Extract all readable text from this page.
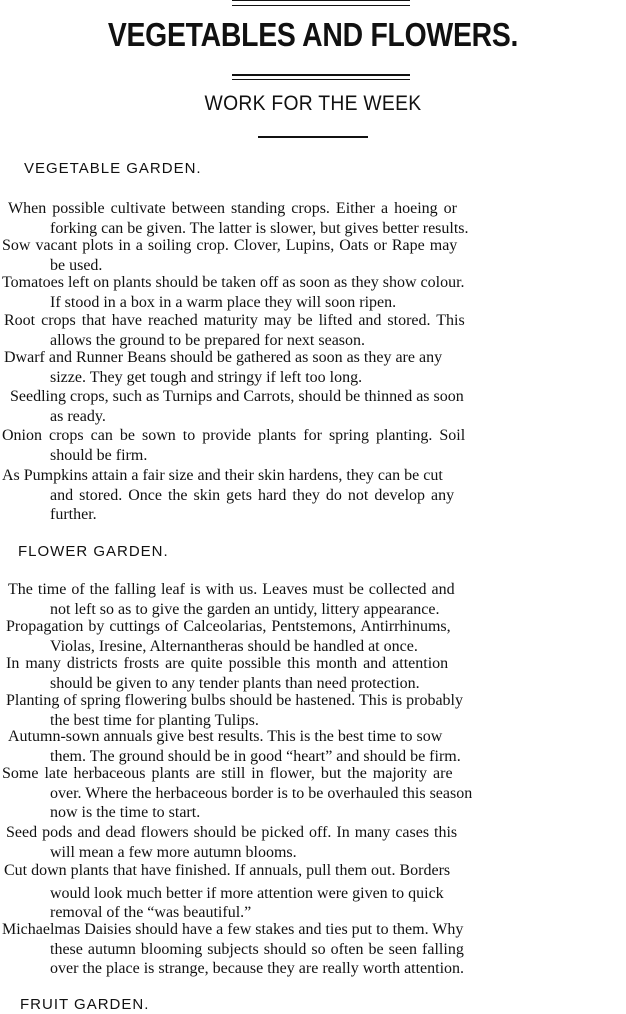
VEGETABLES AND FLOWERS.
WORK FOR THE WEEK
VEGETABLE GARDEN.
When possible cultivate between standing crops. Either a hoeing or
forking can be given. The latter is slower, but gives better results.
Sow vacant plots in a soiling crop. Clover, Lupins, Oats or Rape may
be used.
Tomatoes left on plants should be taken off as soon as they show colour.
If stood in a box in a warm place they will soon ripen.
Root crops that have reached maturity may be lifted and stored. This
allows the ground to be prepared for next season.
Dwarf and Runner Beans should be gathered as soon as they are any
sizze. They get tough and stringy if left too long.
Seedling crops, such as Turnips and Carrots, should be thinned as soon
as ready.
Onion crops can be sown to provide plants for spring planting. Soil
should be firm.
As Pumpkins attain a fair size and their skin hardens, they can be cut
and stored. Once the skin gets hard they do not develop any
further.
FLOWER GARDEN.
The time of the falling leaf is with us. Leaves must be collected and
not left so as to give the garden an untidy, littery appearance.
Propagation by cuttings of Calceolarias, Pentstemons, Antirrhinums,
Violas, Iresine, Alternantheras should be handled at once.
In many districts frosts are quite possible this month and attention
should be given to any tender plants than need protection.
Planting of spring flowering bulbs should be hastened. This is probably
the best time for planting Tulips.
Autumn-sown annuals give best results. This is the best time to sow
them. The ground should be in good “heart” and should be firm.
Some late herbaceous plants are still in flower, but the majority are
over. Where the herbaceous border is to be overhauled this season
now is the time to start.
Seed pods and dead flowers should be picked off. In many cases this
will mean a few more autumn blooms.
Cut down plants that have finished. If annuals, pull them out. Borders
would look much better if more attention were given to quick
removal of the “was beautiful.”
Michaelmas Daisies should have a few stakes and ties put to them. Why
these autumn blooming subjects should so often be seen falling
over the place is strange, because they are really worth attention.
FRUIT GARDEN.
